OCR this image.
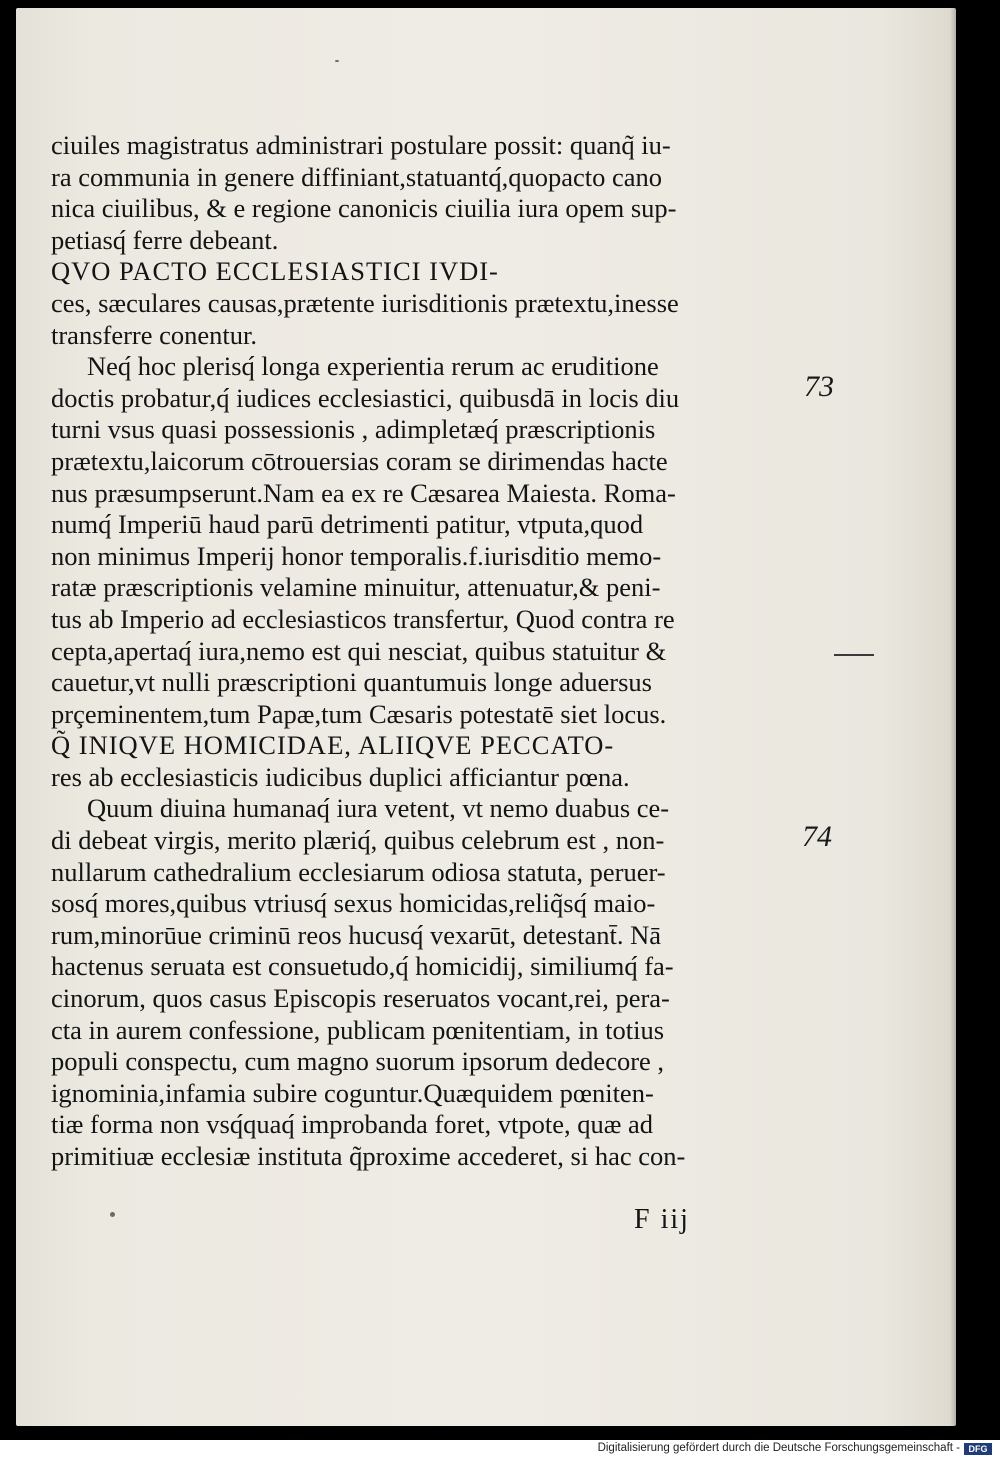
ciuiles magistratus administrari postulare possit: quanq̃ iu-
ra communia in genere diffiniant,statuantq́,quopacto cano
nica ciuilibus, & e regione canonicis ciuilia iura opem sup-
petiasq́ ferre debeant.
QVO PACTO ECCLESIASTICI IVDI-
ces, sæculares causas,prætente iurisditionis prætextu,inesse
transferre conentur.
Neq́ hoc plerisq́ longa experientia rerum ac eruditione
doctis probatur,q́ iudices ecclesiastici, quibusdā in locis diu
turni vsus quasi possessionis , adimpletæq́ præscriptionis
prætextu,laicorum cōtrouersias coram se dirimendas hacte
nus præsumpserunt.Nam ea ex re Cæsarea Maiesta. Roma-
numq́ Imperiū haud parū detrimenti patitur, vtputa,quod
non minimus Imperij honor temporalis.f.iurisditio memo-
ratæ præscriptionis velamine minuitur, attenuatur,& peni-
tus ab Imperio ad ecclesiasticos transfertur, Quod contra re
cepta,apertaq́ iura,nemo est qui nesciat, quibus statuitur &
cauetur,vt nulli præscriptioni quantumuis longe aduersus
prçeminentem,tum Papæ,tum Cæsaris potestatē siet locus.
Q̃ INIQVE HOMICIDAE, ALIIQVE PECCATO-
res ab ecclesiasticis iudicibus duplici afficiantur pœna.
Quum diuina humanaq́ iura vetent, vt nemo duabus ce-
di debeat virgis, merito plæriq́, quibus celebrum est , non-
nullarum cathedralium ecclesiarum odiosa statuta, peruer-
sosq́ mores,quibus vtriusq́ sexus homicidas,reliq̃sq́ maio-
rum,minorūue criminū reos hucusq́ vexarūt, detestant̄. Nā
hactenus seruata est consuetudo,q́ homicidij, similiumq́ fa-
cinorum, quos casus Episcopis reseruatos vocant,rei, pera-
cta in aurem confessione, publicam pœnitentiam, in totius
populi conspectu, cum magno suorum ipsorum dedecore ,
ignominia,infamia subire coguntur.Quæquidem pœniten-
tiæ forma non vsq́quaq́ improbanda foret, vtpote, quæ ad
primitiuæ ecclesiæ instituta q̃proxime accederet, si hac con-
73
74
F iij
Digitalisierung gefördert durch die Deutsche Forschungsgemeinschaft - DFG
